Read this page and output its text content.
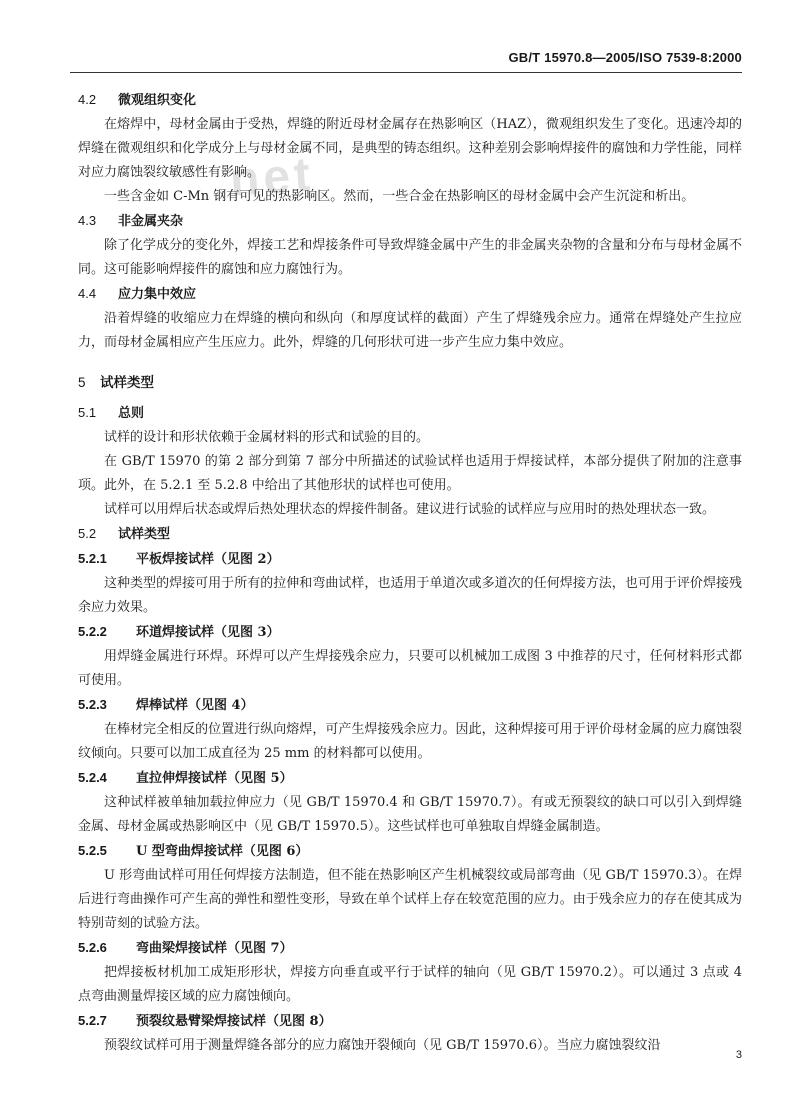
net
GB/T 15970.8—2005/ISO 7539-8:2000
4.2 微观组织变化

在熔焊中，母材金属由于受热，焊缝的附近母材金属存在热影响区（HAZ），微观组织发生了变化。迅速冷却的焊缝在微观组织和化学成分上与母材金属不同，是典型的铸态组织。这种差别会影响焊接件的腐蚀和力学性能，同样对应力腐蚀裂纹敏感性有影响。

一些含金如 C-Mn 钢有可见的热影响区。然而，一些合金在热影响区的母材金属中会产生沉淀和析出。

4.3 非金属夹杂

除了化学成分的变化外，焊接工艺和焊接条件可导致焊缝金属中产生的非金属夹杂物的含量和分布与母材金属不同。这可能影响焊接件的腐蚀和应力腐蚀行为。

4.4 应力集中效应

沿着焊缝的收缩应力在焊缝的横向和纵向（和厚度试样的截面）产生了焊缝残余应力。通常在焊缝处产生拉应力，而母材金属相应产生压应力。此外，焊缝的几何形状可进一步产生应力集中效应。

5 试样类型
5.1 总则

试样的设计和形状依赖于金属材料的形式和试验的目的。

在 GB/T 15970 的第 2 部分到第 7 部分中所描述的试验试样也适用于焊接试样，本部分提供了附加的注意事项。此外，在 5.2.1 至 5.2.8 中给出了其他形状的试样也可使用。

试样可以用焊后状态或焊后热处理状态的焊接件制备。建议进行试验的试样应与应用时的热处理状态一致。

5.2 试样类型
5.2.1 平板焊接试样（见图 2）

这种类型的焊接可用于所有的拉伸和弯曲试样，也适用于单道次或多道次的任何焊接方法，也可用于评价焊接残余应力效果。

5.2.2 环道焊接试样（见图 3）

用焊缝金属进行环焊。环焊可以产生焊接残余应力，只要可以机械加工成图 3 中推荐的尺寸，任何材料形式都可使用。

5.2.3 焊棒试样（见图 4）

在棒材完全相反的位置进行纵向熔焊，可产生焊接残余应力。因此，这种焊接可用于评价母材金属的应力腐蚀裂纹倾向。只要可以加工成直径为 25 mm 的材料都可以使用。

5.2.4 直拉伸焊接试样（见图 5）

这种试样被单轴加载拉伸应力（见 GB/T 15970.4 和 GB/T 15970.7）。有或无预裂纹的缺口可以引入到焊缝金属、母材金属或热影响区中（见 GB/T 15970.5）。这些试样也可单独取自焊缝金属制造。

5.2.5 U 型弯曲焊接试样（见图 6）

U 形弯曲试样可用任何焊接方法制造，但不能在热影响区产生机械裂纹或局部弯曲（见 GB/T 15970.3）。在焊后进行弯曲操作可产生高的弹性和塑性变形，导致在单个试样上存在较宽范围的应力。由于残余应力的存在使其成为特别苛刻的试验方法。

5.2.6 弯曲梁焊接试样（见图 7）

把焊接板材机加工成矩形形状，焊接方向垂直或平行于试样的轴向（见 GB/T 15970.2）。可以通过 3 点或 4 点弯曲测量焊接区域的应力腐蚀倾向。

5.2.7 预裂纹悬臂梁焊接试样（见图 8）

预裂纹试样可用于测量焊缝各部分的应力腐蚀开裂倾向（见 GB/T 15970.6）。当应力腐蚀裂纹沿

3
